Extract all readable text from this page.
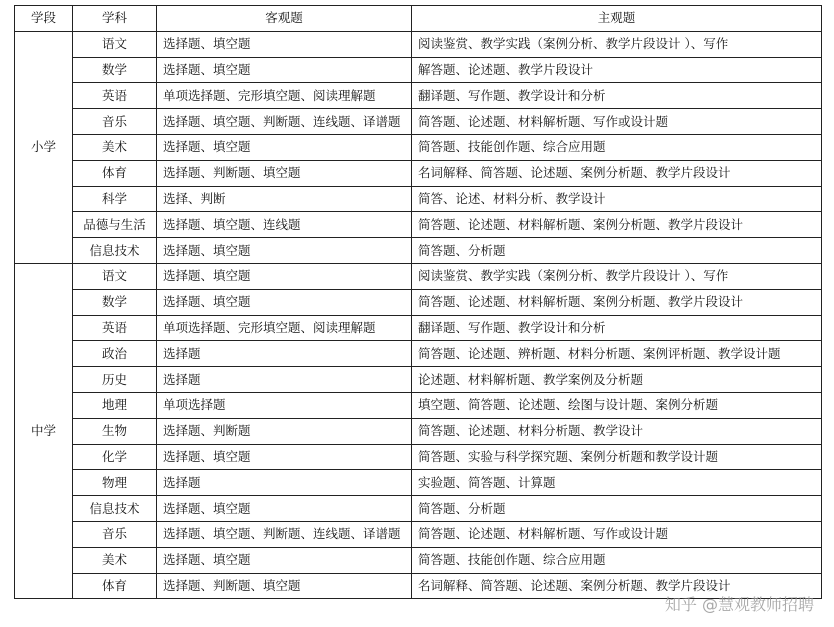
学段	学科	客观题	主观题
小学	语文	选择题、填空题	阅读鉴赏、教学实践（案例分析、教学片段设计 ）、写作
	数学	选择题、填空题	解答题、论述题、教学片段设计
	英语	单项选择题、完形填空题、阅读理解题	翻译题、写作题、教学设计和分析
	音乐	选择题、填空题、判断题、连线题、译谱题	简答题、论述题、材料解析题、写作或设计题
	美术	选择题、填空题	简答题、技能创作题、综合应用题
	体育	选择题、判断题、填空题	名词解释、简答题、论述题、案例分析题、教学片段设计
	科学	选择、判断	简答、论述、材料分析、教学设计
	品德与生活	选择题、填空题、连线题	简答题、论述题、材料解析题、案例分析题、教学片段设计
	信息技术	选择题、填空题	简答题、分析题
中学	语文	选择题、填空题	阅读鉴赏、教学实践（案例分析、教学片段设计 ）、写作
	数学	选择题、填空题	简答题、论述题、材料解析题、案例分析题、教学片段设计
	英语	单项选择题、完形填空题、阅读理解题	翻译题、写作题、教学设计和分析
	政治	选择题	简答题、论述题、辨析题、材料分析题、案例评析题、教学设计题
	历史	选择题	论述题、材料解析题、教学案例及分析题
	地理	单项选择题	填空题、简答题、论述题、绘图与设计题、案例分析题
	生物	选择题、判断题	简答题、论述题、材料分析题、教学设计
	化学	选择题、填空题	简答题、实验与科学探究题、案例分析题和教学设计题
	物理	选择题	实验题、简答题、计算题
	信息技术	选择题、填空题	简答题、分析题
	音乐	选择题、填空题、判断题、连线题、译谱题	简答题、论述题、材料解析题、写作或设计题
	美术	选择题、填空题	简答题、技能创作题、综合应用题
	体育	选择题、判断题、填空题	名词解释、简答题、论述题、案例分析题、教学片段设计
知乎 @慧观教师招聘
